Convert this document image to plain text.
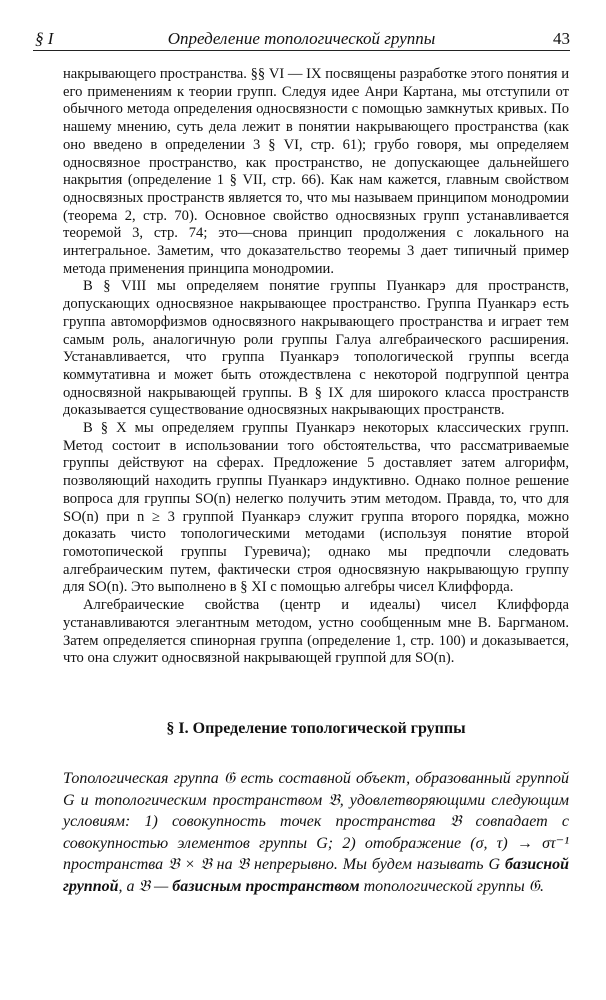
§ I	Определение топологической группы	43

накрывающего пространства. §§ VI — IX посвящены разработке этого понятия и его применениям к теории групп. Следуя идее Анри Картана, мы отступили от обычного метода определения односвязности с помощью замкнутых кривых. По нашему мнению, суть дела лежит в понятии накрывающего пространства (как оно введено в определении 3 § VI, стр. 61); грубо говоря, мы определяем односвязное пространство, как пространство, не допускающее дальнейшего накрытия (определение 1 § VII, стр. 66). Как нам кажется, главным свойством односвязных пространств является то, что мы называем принципом монодромии (теорема 2, стр. 70). Основное свойство односвязных групп устанавливается теоремой 3, стр. 74; это—снова принцип продолжения с локального на интегральное. Заметим, что доказательство теоремы 3 дает типичный пример метода применения принципа монодромии.

В § VIII мы определяем понятие группы Пуанкарэ для пространств, допускающих односвязное накрывающее пространство. Группа Пуанкарэ есть группа автоморфизмов односвязного накрывающего пространства и играет тем самым роль, аналогичную роли группы Галуа алгебраического расширения. Устанавливается, что группа Пуанкарэ топологической группы всегда коммутативна и может быть отождествлена с некоторой подгруппой центра односвязной накрывающей группы. В § IX для широкого класса пространств доказывается существование односвязных накрывающих пространств.

В § X мы определяем группы Пуанкарэ некоторых классических групп. Метод состоит в использовании того обстоятельства, что рассматриваемые группы действуют на сферах. Предложение 5 доставляет затем алгорифм, позволяющий находить группы Пуанкарэ индуктивно. Однако полное решение вопроса для группы SO(n) нелегко получить этим методом. Правда, то, что для SO(n) при n ≥ 3 группой Пуанкарэ служит группа второго порядка, можно доказать чисто топологическими методами (используя понятие второй гомотопической группы Гуревича); однако мы предпочли следовать алгебраическим путем, фактически строя односвязную накрывающую группу для SO(n). Это выполнено в § XI с помощью алгебры чисел Клиффорда.

Алгебраические свойства (центр и идеалы) чисел Клиффорда устанавливаются элегантным методом, устно сообщенным мне В. Баргманом. Затем определяется спинорная группа (определение 1, стр. 100) и доказывается, что она служит односвязной накрывающей группой для SO(n).

§ I. Определение топологической группы
Топологическая группа 𝔊 есть составной объект, образованный группой G и топологическим пространством 𝔅, удовлетворяющими следующим условиям: 1) совокупность точек пространства 𝔅 совпадает с совокупностью элементов группы G; 2) отображение (σ, τ) → στ⁻¹ пространства 𝔅 × 𝔅 на 𝔅 непрерывно. Мы будем называть G базисной группой, а 𝔅 — базисным пространством топологической группы 𝔊.
